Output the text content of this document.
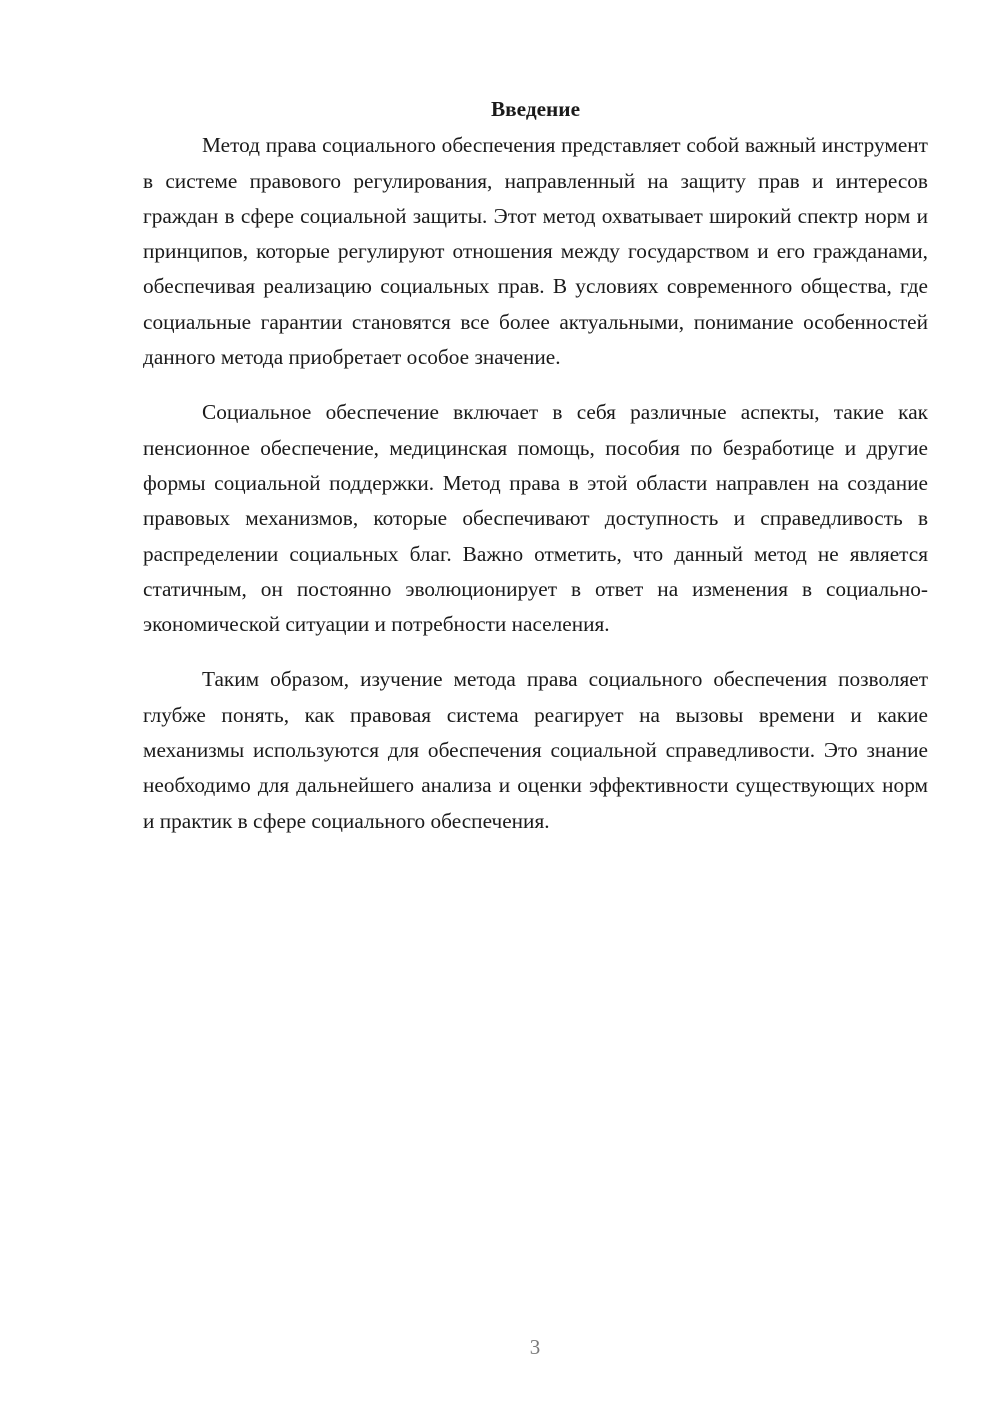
Введение

Метод права социального обеспечения представляет собой важный инструмент в системе правового регулирования, направленный на защиту прав и интересов граждан в сфере социальной защиты. Этот метод охватывает широкий спектр норм и принципов, которые регулируют отношения между государством и его гражданами, обеспечивая реализацию социальных прав. В условиях современного общества, где социальные гарантии становятся все более актуальными, понимание особенностей данного метода приобретает особое значение.

Социальное обеспечение включает в себя различные аспекты, такие как пенсионное обеспечение, медицинская помощь, пособия по безработице и другие формы социальной поддержки. Метод права в этой области направлен на создание правовых механизмов, которые обеспечивают доступность и справедливость в распределении социальных благ. Важно отметить, что данный метод не является статичным, он постоянно эволюционирует в ответ на изменения в социально-экономической ситуации и потребности населения.

Таким образом, изучение метода права социального обеспечения позволяет глубже понять, как правовая система реагирует на вызовы времени и какие механизмы используются для обеспечения социальной справедливости. Это знание необходимо для дальнейшего анализа и оценки эффективности существующих норм и практик в сфере социального обеспечения.

3
